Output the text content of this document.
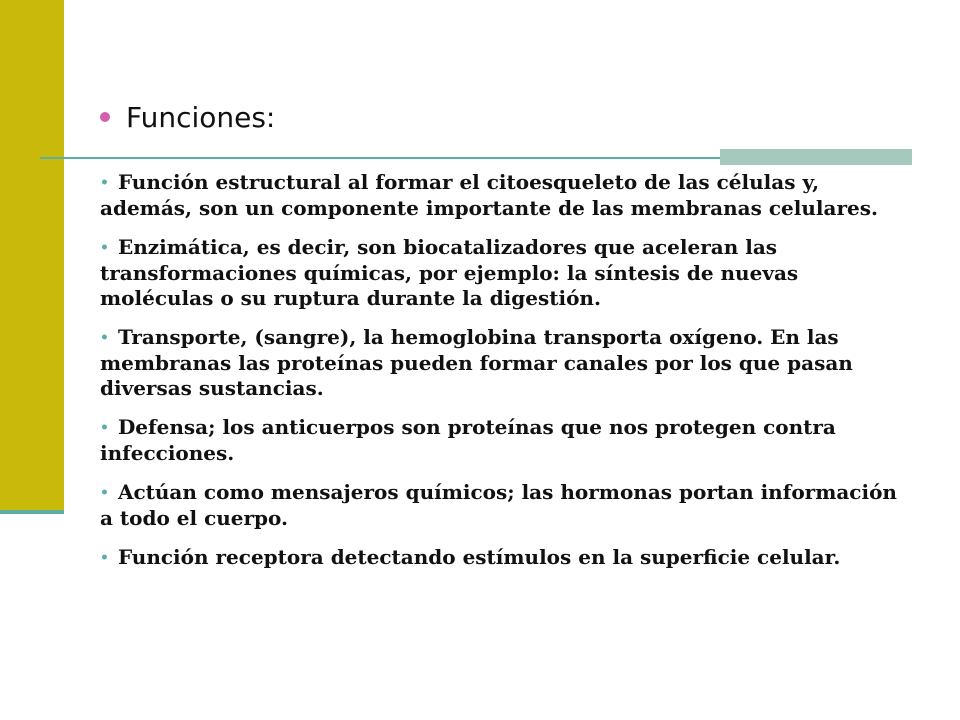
Funciones:
• Función estructural al formar el citoesqueleto de las células y, además, son un componente importante de las membranas celulares.
• Enzimática, es decir, son biocatalizadores que aceleran las transformaciones químicas, por ejemplo: la síntesis de nuevas moléculas o su ruptura durante la digestión.
• Transporte, (sangre), la hemoglobina transporta oxígeno. En las membranas las proteínas pueden formar canales por los que pasan diversas sustancias.
• Defensa; los anticuerpos son proteínas que nos protegen contra infecciones.
• Actúan como mensajeros químicos; las hormonas portan información a todo el cuerpo.
• Función receptora detectando estímulos en la superficie celular.
